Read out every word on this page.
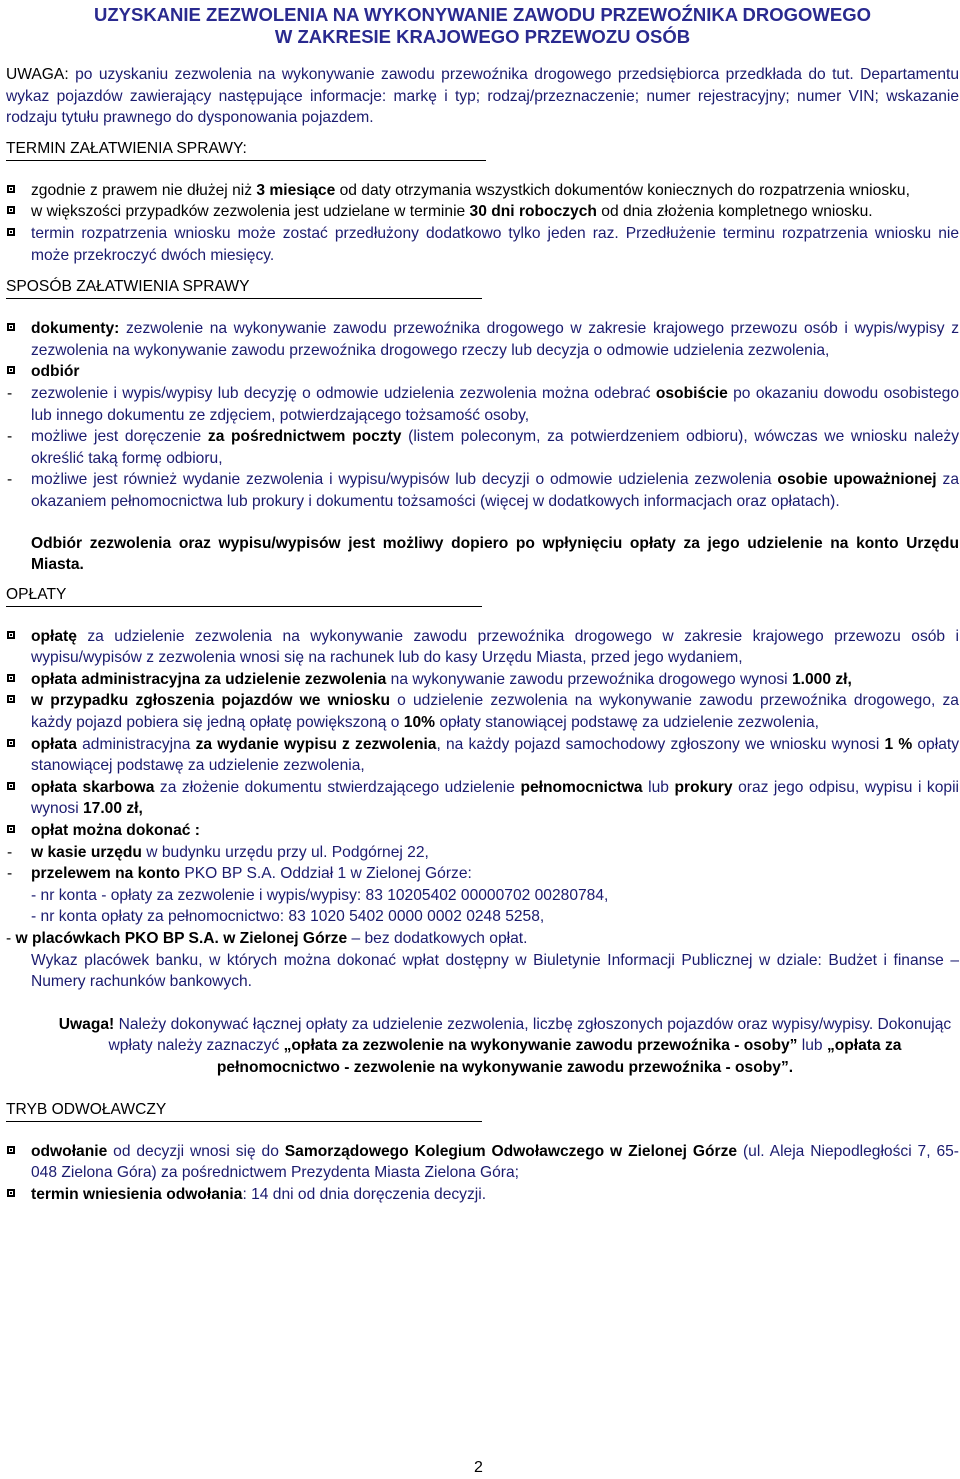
UZYSKANIE ZEZWOLENIA NA WYKONYWANIE ZAWODU PRZEWOŹNIKA DROGOWEGO
W ZAKRESIE KRAJOWEGO PRZEWOZU OSÓB
UWAGA: po uzyskaniu zezwolenia na wykonywanie zawodu przewoźnika drogowego przedsiębiorca przedkłada do tut. Departamentu wykaz pojazdów zawierający następujące informacje: markę i typ; rodzaj/przeznaczenie; numer rejestracyjny; numer VIN; wskazanie rodzaju tytułu prawnego do dysponowania pojazdem.
TERMIN ZAŁATWIENIA SPRAWY:
zgodnie z prawem nie dłużej niż 3 miesiące od daty otrzymania wszystkich dokumentów koniecznych do rozpatrzenia wniosku,
w większości przypadków zezwolenia jest udzielane w terminie 30 dni roboczych od dnia złożenia kompletnego wniosku.
termin rozpatrzenia wniosku może zostać przedłużony dodatkowo tylko jeden raz. Przedłużenie terminu rozpatrzenia wniosku nie może przekroczyć dwóch miesięcy.
SPOSÓB ZAŁATWIENIA SPRAWY
dokumenty: zezwolenie na wykonywanie zawodu przewoźnika drogowego w zakresie krajowego przewozu osób i wypis/wypisy z zezwolenia na wykonywanie zawodu przewoźnika drogowego rzeczy lub decyzja o odmowie udzielenia zezwolenia,
odbiór
- zezwolenie i wypis/wypisy lub decyzję o odmowie udzielenia zezwolenia można odebrać osobiście po okazaniu dowodu osobistego lub innego dokumentu ze zdjęciem, potwierdzającego tożsamość osoby,
- możliwe jest doręczenie za pośrednictwem poczty (listem poleconym, za potwierdzeniem odbioru), wówczas we wniosku należy określić taką formę odbioru,
- możliwe jest również wydanie zezwolenia i wypisu/wypisów lub decyzji o odmowie udzielenia zezwolenia osobie upoważnionej za okazaniem pełnomocnictwa lub prokury i dokumentu tożsamości (więcej w dodatkowych informacjach oraz opłatach).
Odbiór zezwolenia oraz wypisu/wypisów jest możliwy dopiero po wpłynięciu opłaty za jego udzielenie na konto Urzędu Miasta.
OPŁATY
opłatę za udzielenie zezwolenia na wykonywanie zawodu przewoźnika drogowego w zakresie krajowego przewozu osób i wypisu/wypisów z zezwolenia wnosi się na rachunek lub do kasy Urzędu Miasta, przed jego wydaniem,
opłata administracyjna za udzielenie zezwolenia na wykonywanie zawodu przewoźnika drogowego wynosi 1.000 zł,
w przypadku zgłoszenia pojazdów we wniosku o udzielenie zezwolenia na wykonywanie zawodu przewoźnika drogowego, za każdy pojazd pobiera się jedną opłatę powiększoną o 10% opłaty stanowiącej podstawę za udzielenie zezwolenia,
opłata administracyjna za wydanie wypisu z zezwolenia, na każdy pojazd samochodowy zgłoszony we wniosku wynosi 1 % opłaty stanowiącej podstawę za udzielenie zezwolenia,
opłata skarbowa za złożenie dokumentu stwierdzającego udzielenie pełnomocnictwa lub prokury oraz jego odpisu, wypisu i kopii wynosi 17.00 zł,
opłat można dokonać :
- w kasie urzędu w budynku urzędu przy ul. Podgórnej 22,
- przelewem na konto PKO BP S.A. Oddział 1 w Zielonej Górze:
- nr konta - opłaty za zezwolenie i wypis/wypisy: 83 10205402 00000702 00280784,
- nr konta opłaty za pełnomocnictwo: 83 1020 5402 0000 0002 0248 5258,
- w placówkach PKO BP S.A. w Zielonej Górze – bez dodatkowych opłat.
Wykaz placówek banku, w których można dokonać wpłat dostępny w Biuletynie Informacji Publicznej w dziale: Budżet i finanse – Numery rachunków bankowych.
Uwaga! Należy dokonywać łącznej opłaty za udzielenie zezwolenia, liczbę zgłoszonych pojazdów oraz wypisy/wypisy. Dokonując wpłaty należy zaznaczyć „opłata za zezwolenie na wykonywanie zawodu przewoźnika - osoby” lub „opłata za pełnomocnictwo - zezwolenie na wykonywanie zawodu przewoźnika - osoby”.
TRYB ODWOŁAWCZY
odwołanie od decyzji wnosi się do Samorządowego Kolegium Odwoławczego w Zielonej Górze (ul. Aleja Niepodległości 7, 65-048 Zielona Góra) za pośrednictwem Prezydenta Miasta Zielona Góra;
termin wniesienia odwołania: 14 dni od dnia doręczenia decyzji.
2
